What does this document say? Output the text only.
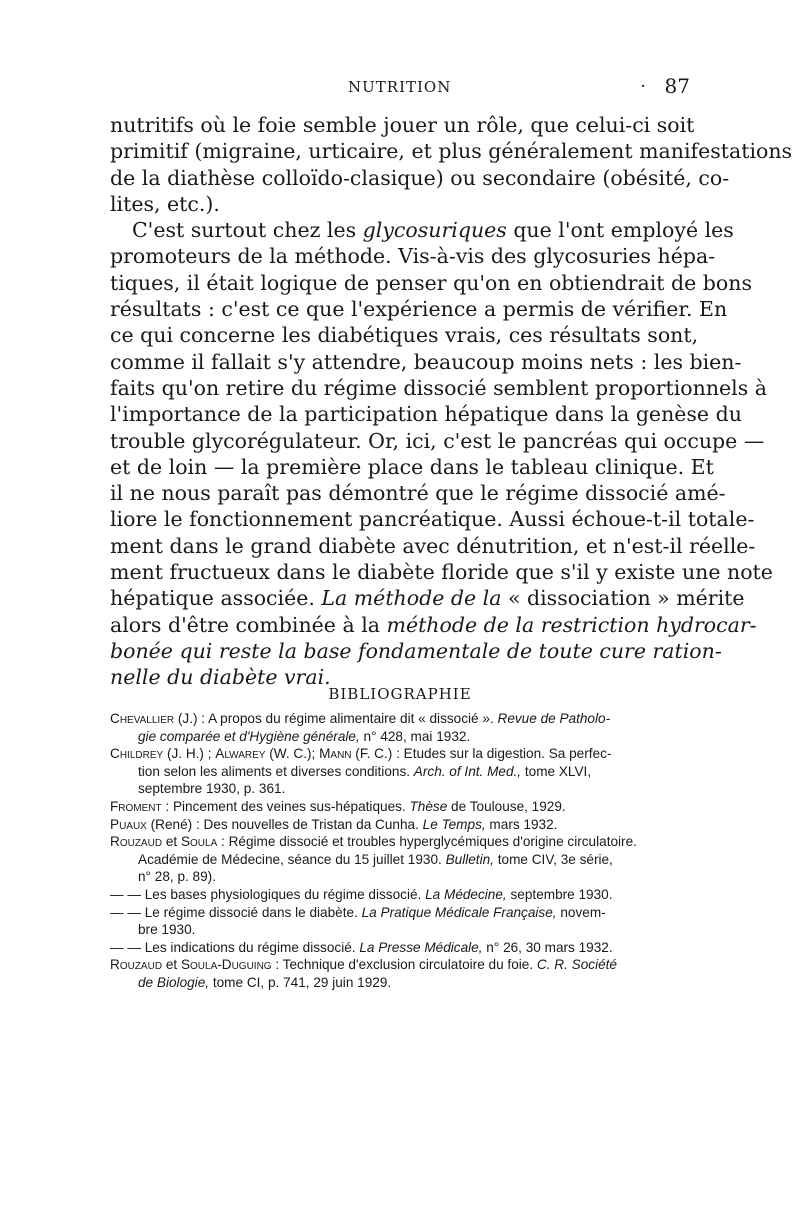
NUTRITION	· 87
nutritifs où le foie semble jouer un rôle, que celui-ci soit
primitif (migraine, urticaire, et plus généralement manifestations
de la diathèse colloïdo-clasique) ou secondaire (obésité, co-
lites, etc.).
C'est surtout chez les glycosuriques que l'ont employé les
promoteurs de la méthode. Vis-à-vis des glycosuries hépa-
tiques, il était logique de penser qu'on en obtiendrait de bons
résultats : c'est ce que l'expérience a permis de vérifier. En
ce qui concerne les diabétiques vrais, ces résultats sont,
comme il fallait s'y attendre, beaucoup moins nets : les bien-
faits qu'on retire du régime dissocié semblent proportionnels à
l'importance de la participation hépatique dans la genèse du
trouble glycorégulateur. Or, ici, c'est le pancréas qui occupe —
et de loin — la première place dans le tableau clinique. Et
il ne nous paraît pas démontré que le régime dissocié amé-
liore le fonctionnement pancréatique. Aussi échoue-t-il totale-
ment dans le grand diabète avec dénutrition, et n'est-il réelle-
ment fructueux dans le diabète floride que s'il y existe une note
hépatique associée. La méthode de la « dissociation » mérite
alors d'être combinée à la méthode de la restriction hydrocar-
bonée qui reste la base fondamentale de toute cure ration-
nelle du diabète vrai.

BIBLIOGRAPHIE

Chevallier (J.) : A propos du régime alimentaire dit « dissocié ». Revue de Patholo-
gie comparée et d'Hygiène générale, n° 428, mai 1932.
Childrey (J. H.) ; Alwarey (W. C.); Mann (F. C.) : Etudes sur la digestion. Sa perfec-
tion selon les aliments et diverses conditions. Arch. of Int. Med., tome XLVI,
septembre 1930, p. 361.
Froment : Pincement des veines sus-hépatiques. Thèse de Toulouse, 1929.
Puaux (René) : Des nouvelles de Tristan da Cunha. Le Temps, mars 1932.
Rouzaud et Soula : Régime dissocié et troubles hyperglycémiques d'origine circulatoire.
Académie de Médecine, séance du 15 juillet 1930. Bulletin, tome CIV, 3e série,
n° 28, p. 89).
— — Les bases physiologiques du régime dissocié. La Médecine, septembre 1930.
— — Le régime dissocié dans le diabète. La Pratique Médicale Française, novem-
bre 1930.
— — Les indications du régime dissocié. La Presse Médicale, n° 26, 30 mars 1932.
Rouzaud et Soula-Duguing : Technique d'exclusion circulatoire du foie. C. R. Société
de Biologie, tome CI, p. 741, 29 juin 1929.
